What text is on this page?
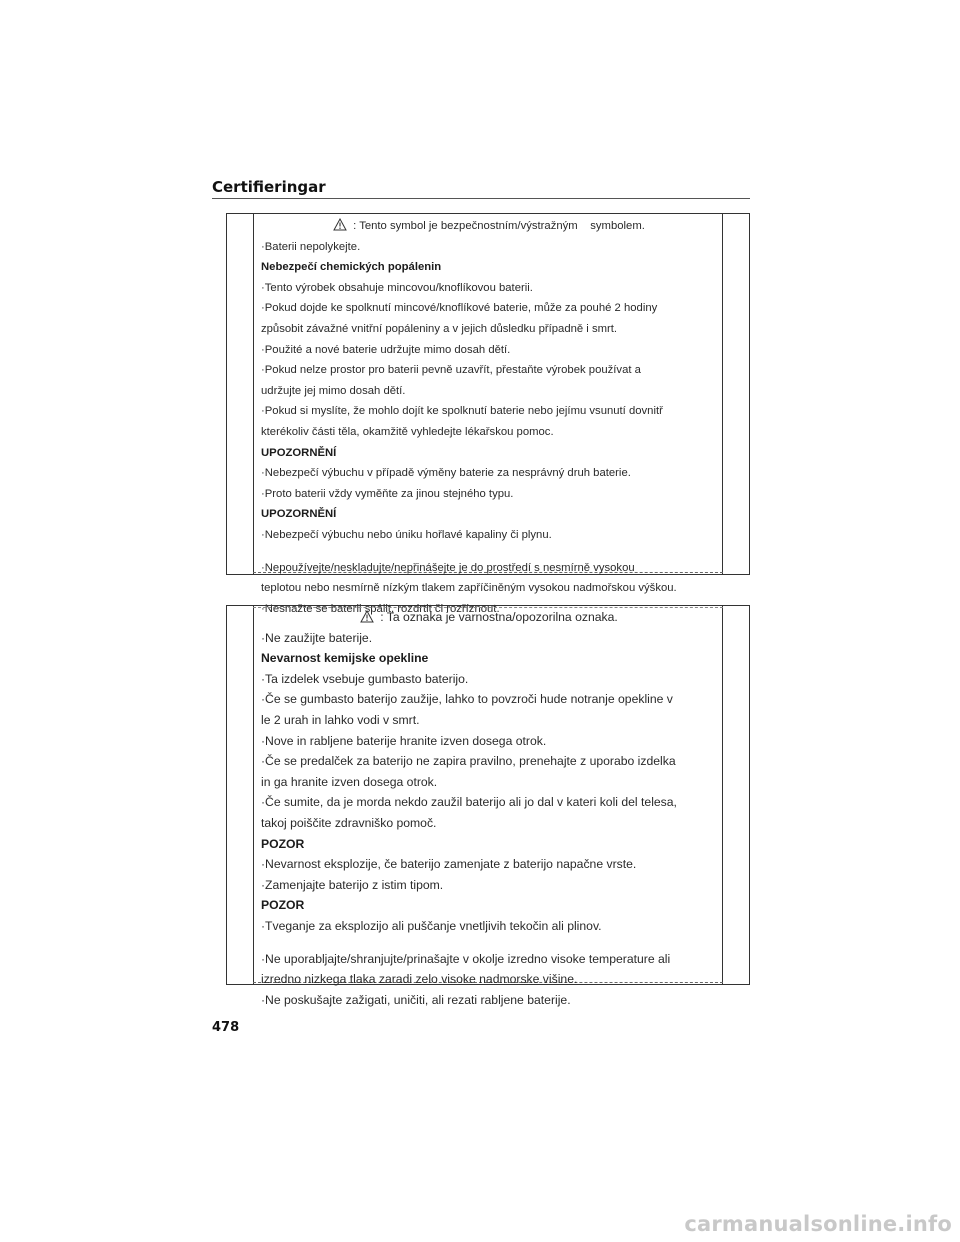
Certifieringar
: Tento symbol je bezpečnostním/výstražným    symbolem.
·Baterii nepolykejte.
Nebezpečí chemických popálenin
·Tento výrobek obsahuje mincovou/knoflíkovou baterii.
·Pokud dojde ke spolknutí mincové/knoflíkové baterie, může za pouhé 2 hodiny
způsobit závažné vnitřní popáleniny a v jejich důsledku případně i smrt.
·Použité a nové baterie udržujte mimo dosah dětí.
·Pokud nelze prostor pro baterii pevně uzavřít, přestaňte výrobek používat a
udržujte jej mimo dosah dětí.
·Pokud si myslíte, že mohlo dojít ke spolknutí baterie nebo jejímu vsunutí dovnitř
kterékoliv části těla, okamžitě vyhledejte lékařskou pomoc.
UPOZORNĚNÍ
·Nebezpečí výbuchu v případě výměny baterie za nesprávný druh baterie.
·Proto baterii vždy vyměňte za jinou stejného typu.
UPOZORNĚNÍ
·Nebezpečí výbuchu nebo úniku hořlavé kapaliny či plynu.
·Nepoužívejte/neskladujte/nepřinášejte je do prostředí s nesmírně vysokou
teplotou nebo nesmírně nízkým tlakem zapříčiněným vysokou nadmořskou výškou.
·Nesnažte se baterii spálit, rozdrtit či rozříznout.
: Ta oznaka je varnostna/opozorilna oznaka.
·Ne zaužijte baterije.
Nevarnost kemijske opekline
·Ta izdelek vsebuje gumbasto baterijo.
·Če se gumbasto baterijo zaužije, lahko to povzroči hude notranje opekline v
le 2 urah in lahko vodi v smrt.
·Nove in rabljene baterije hranite izven dosega otrok.
·Če se predalček za baterijo ne zapira pravilno, prenehajte z uporabo izdelka
in ga hranite izven dosega otrok.
·Če sumite, da je morda nekdo zaužil baterijo ali jo dal v kateri koli del telesa,
takoj poiščite zdravniško pomoč.
POZOR
·Nevarnost eksplozije, če baterijo zamenjate z baterijo napačne vrste.
·Zamenjajte baterijo z istim tipom.
POZOR
·Tveganje za eksplozijo ali puščanje vnetljivih tekočin ali plinov.
·Ne uporabljajte/shranjujte/prinašajte v okolje izredno visoke temperature ali
izredno nizkega tlaka zaradi zelo visoke nadmorske višine.
·Ne poskušajte zažigati, uničiti, ali rezati rabljene baterije.
478
carmanualsonline.info
